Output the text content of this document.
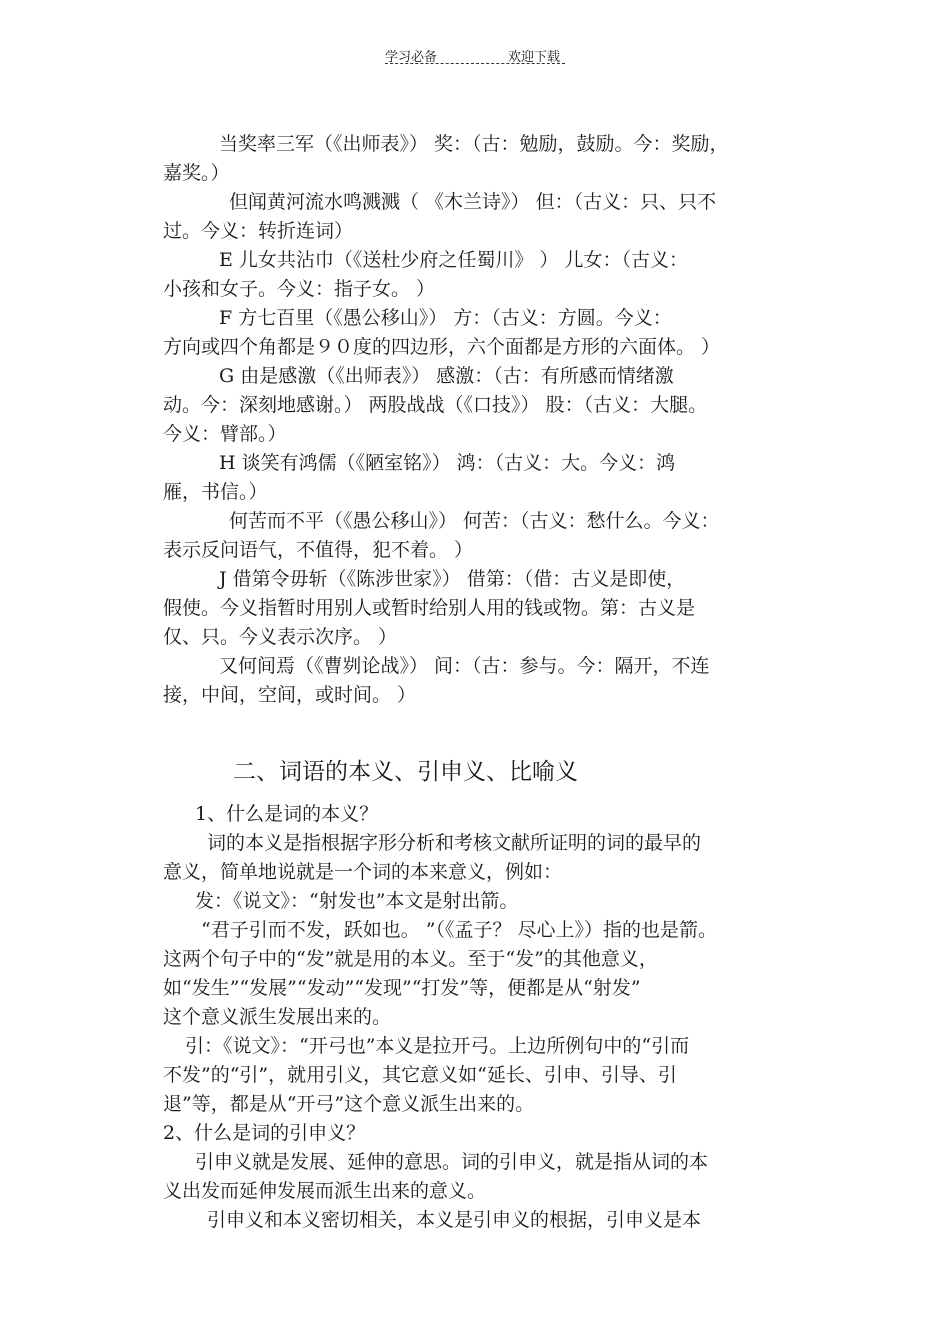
学习必备	欢迎下载
当奖率三军（《出师表》） 奖：（古：勉励，鼓励。今：奖励，
嘉奖。）
但闻黄河流水鸣溅溅（ 《木兰诗》） 但：（古义：只、只不
过。今义：转折连词）
E 儿女共沾巾（《送杜少府之任蜀川》 ） 儿女：（古义：
小孩和女子。今义：指子女。 ）
F 方七百里（《愚公移山》） 方：（古义：方圆。今义：
方向或四个角都是９０度的四边形，六个面都是方形的六面体。 ）
G 由是感激（《出师表》） 感激：（古：有所感而情绪激
动。今：深刻地感谢。） 两股战战（《口技》） 股：（古义：大腿。
今义：臂部。）
H 谈笑有鸿儒（《陋室铭》） 鸿：（古义：大。今义：鸿
雁，书信。）
何苦而不平（《愚公移山》） 何苦：（古义：愁什么。今义：
表示反问语气，不值得，犯不着。 ）
J 借第令毋斩（《陈涉世家》） 借第：（借：古义是即使，
假使。今义指暂时用别人或暂时给别人用的钱或物。第：古义是
仅、只。今义表示次序。 ）
又何间焉（《曹刿论战》） 间：（古：参与。今：隔开，不连
接，中间，空间，或时间。 ）
二、词语的本义、引申义、比喻义
1、什么是词的本义？
词的本义是指根据字形分析和考核文献所证明的词的最早的
意义，简单地说就是一个词的本来意义，例如：
发：《说文》：“射发也”本文是射出箭。
“君子引而不发，跃如也。 ”（《孟子？ 尽心上》）指的也是箭。
这两个句子中的“发”就是用的本义。至于“发”的其他意义，
如“发生”“发展”“发动”“发现”“打发”等，便都是从“射发”
这个意义派生发展出来的。
引：《说文》：“开弓也”本义是拉开弓。上边所例句中的“引而
不发”的“引”，就用引义，其它意义如“延长、引申、引导、引
退”等，都是从“开弓”这个意义派生出来的。
2、什么是词的引申义？
引申义就是发展、延伸的意思。词的引申义，就是指从词的本
义出发而延伸发展而派生出来的意义。
引申义和本义密切相关，本义是引申义的根据，引申义是本
